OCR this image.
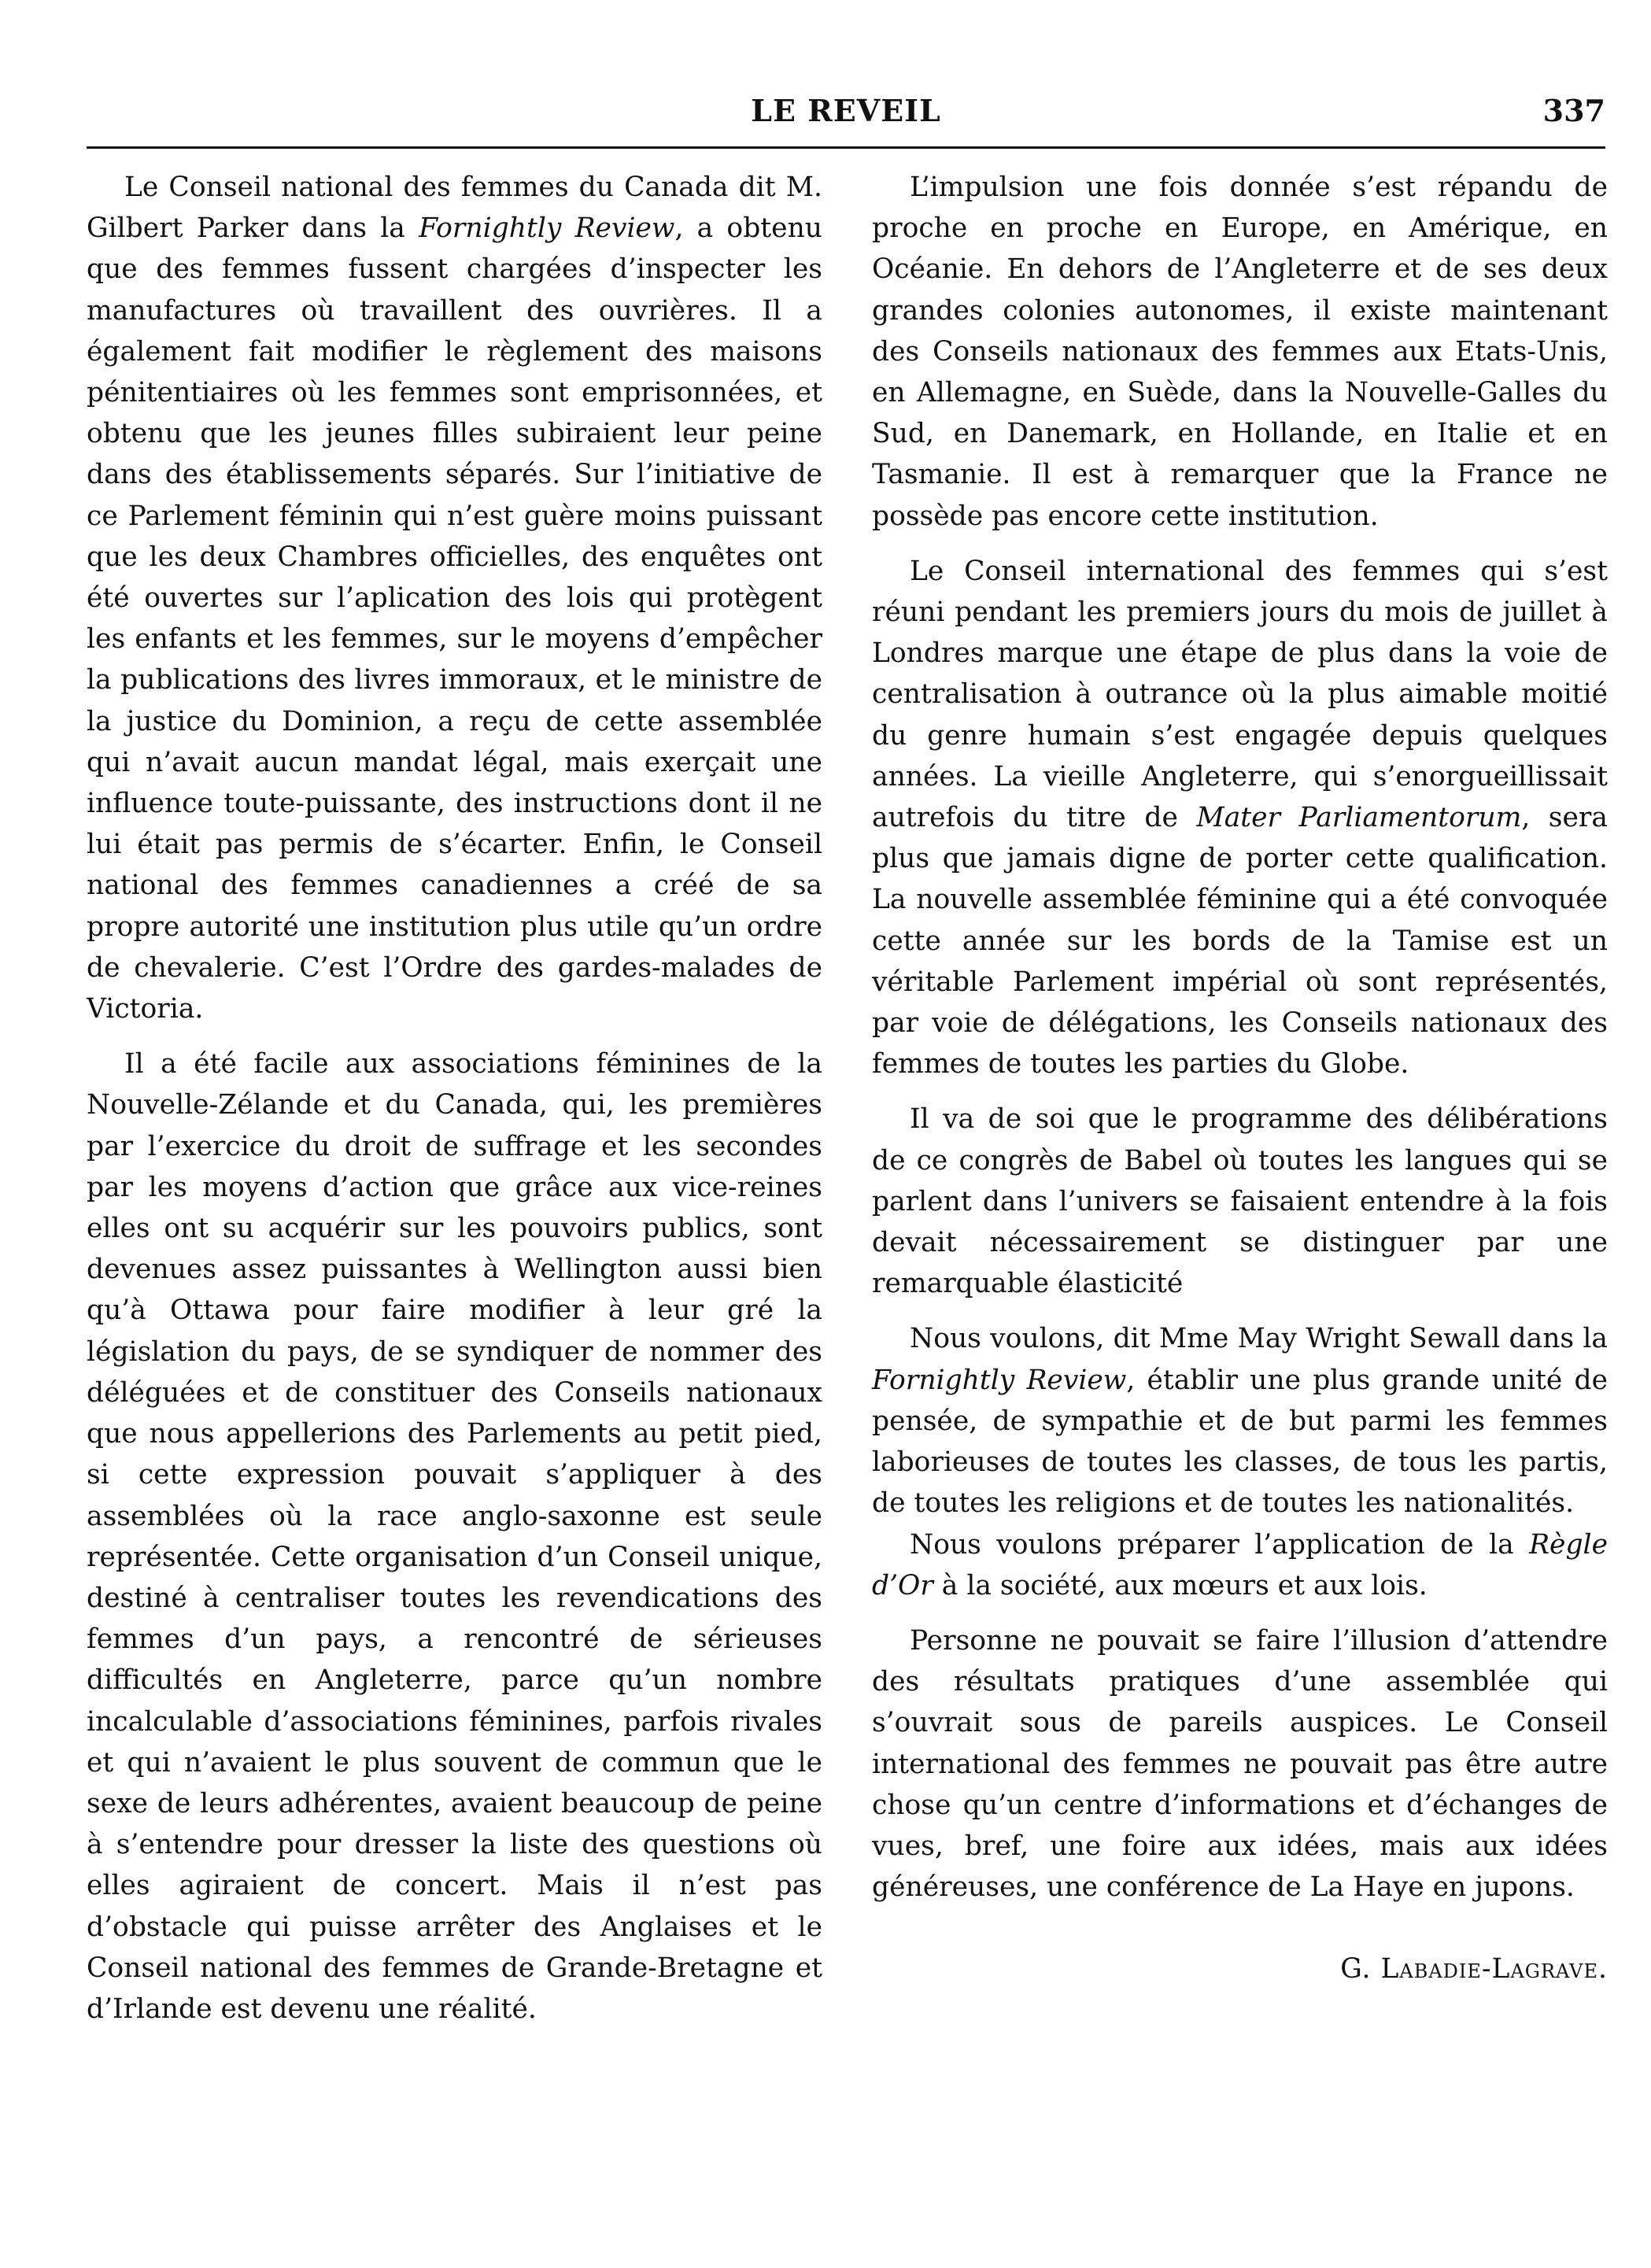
LE REVEIL	337

Le Conseil national des femmes du Canada dit M. Gilbert Parker dans la Fornightly Review, a obtenu que des femmes fussent chargées d’inspecter les manufactures où travaillent des ouvrières. Il a également fait modifier le règlement des maisons pénitentiaires où les femmes sont emprisonnées, et obtenu que les jeunes filles subiraient leur peine dans des établissements séparés. Sur l’initiative de ce Parlement féminin qui n’est guère moins puissant que les deux Chambres officielles, des enquêtes ont été ouvertes sur l’aplication des lois qui protègent les enfants et les femmes, sur le moyens d’empêcher la publications des livres immoraux, et le ministre de la justice du Dominion, a reçu de cette assemblée qui n’avait aucun mandat légal, mais exerçait une influence toute-puissante, des instructions dont il ne lui était pas permis de s’écarter. Enfin, le Conseil national des femmes canadiennes a créé de sa propre autorité une institution plus utile qu’un ordre de chevalerie. C’est l’Ordre des gardes-malades de Victoria.

Il a été facile aux associations féminines de la Nouvelle-Zélande et du Canada, qui, les premières par l’exercice du droit de suffrage et les secondes par les moyens d’action que grâce aux vice-reines elles ont su acquérir sur les pouvoirs publics, sont devenues assez puissantes à Wellington aussi bien qu’à Ottawa pour faire modifier à leur gré la législation du pays, de se syndiquer de nommer des déléguées et de constituer des Conseils nationaux que nous appellerions des Parlements au petit pied, si cette expression pouvait s’appliquer à des assemblées où la race anglo-saxonne est seule représentée. Cette organisation d’un Conseil unique, destiné à centraliser toutes les revendications des femmes d’un pays, a rencontré de sérieuses difficultés en Angleterre, parce qu’un nombre incalculable d’associations féminines, parfois rivales et qui n’avaient le plus souvent de commun que le sexe de leurs adhérentes, avaient beaucoup de peine à s’entendre pour dresser la liste des questions où elles agiraient de concert. Mais il n’est pas d’obstacle qui puisse arrêter des Anglaises et le Conseil national des femmes de Grande-Bretagne et d’Irlande est devenu une réalité.

L’impulsion une fois donnée s’est répandu de proche en proche en Europe, en Amérique, en Océanie. En dehors de l’Angleterre et de ses deux grandes colonies autonomes, il existe maintenant des Conseils nationaux des femmes aux Etats-Unis, en Allemagne, en Suède, dans la Nouvelle-Galles du Sud, en Danemark, en Hollande, en Italie et en Tasmanie. Il est à remarquer que la France ne possède pas encore cette institution.

Le Conseil international des femmes qui s’est réuni pendant les premiers jours du mois de juillet à Londres marque une étape de plus dans la voie de centralisation à outrance où la plus aimable moitié du genre humain s’est engagée depuis quelques années. La vieille Angleterre, qui s’enorgueillissait autrefois du titre de Mater Parliamentorum, sera plus que jamais digne de porter cette qualification. La nouvelle assemblée féminine qui a été convoquée cette année sur les bords de la Tamise est un véritable Parlement impérial où sont représentés, par voie de délégations, les Conseils nationaux des femmes de toutes les parties du Globe.

Il va de soi que le programme des délibérations de ce congrès de Babel où toutes les langues qui se parlent dans l’univers se faisaient entendre à la fois devait nécessairement se distinguer par une remarquable élasticité

Nous voulons, dit Mme May Wright Sewall dans la Fornightly Review, établir une plus grande unité de pensée, de sympathie et de but parmi les femmes laborieuses de toutes les classes, de tous les partis, de toutes les religions et de toutes les nationalités.

Nous voulons préparer l’application de la Règle d’Or à la société, aux mœurs et aux lois.

Personne ne pouvait se faire l’illusion d’attendre des résultats pratiques d’une assemblée qui s’ouvrait sous de pareils auspices. Le Conseil international des femmes ne pouvait pas être autre chose qu’un centre d’informations et d’échanges de vues, bref, une foire aux idées, mais aux idées généreuses, une conférence de La Haye en jupons.

G. Labadie-Lagrave.
